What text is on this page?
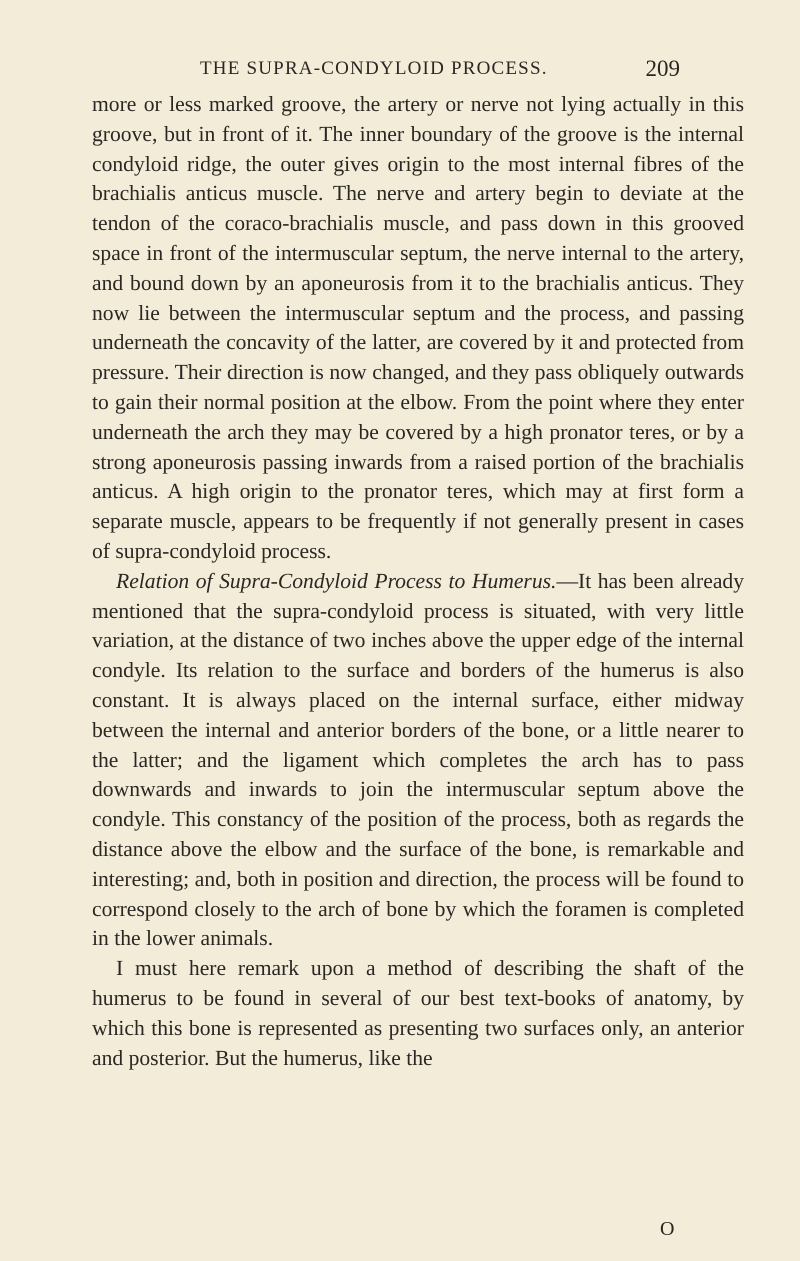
THE SUPRA-CONDYLOID PROCESS.	209

more or less marked groove, the artery or nerve not lying actually in this groove, but in front of it. The inner boundary of the groove is the internal condyloid ridge, the outer gives origin to the most internal fibres of the brachialis anticus muscle. The nerve and artery begin to deviate at the tendon of the coraco-brachialis muscle, and pass down in this grooved space in front of the intermuscular septum, the nerve internal to the artery, and bound down by an aponeurosis from it to the brachialis anticus. They now lie between the intermuscular septum and the process, and passing underneath the concavity of the latter, are covered by it and protected from pressure. Their direction is now changed, and they pass obliquely outwards to gain their normal position at the elbow. From the point where they enter underneath the arch they may be covered by a high pronator teres, or by a strong aponeurosis passing inwards from a raised portion of the brachialis anticus. A high origin to the pronator teres, which may at first form a separate muscle, appears to be frequently if not generally present in cases of supra-condyloid process.

Relation of Supra-Condyloid Process to Humerus.—It has been already mentioned that the supra-condyloid process is situated, with very little variation, at the distance of two inches above the upper edge of the internal condyle. Its relation to the surface and borders of the humerus is also constant. It is always placed on the internal surface, either midway between the internal and anterior borders of the bone, or a little nearer to the latter; and the ligament which completes the arch has to pass downwards and inwards to join the intermuscular septum above the condyle. This constancy of the position of the process, both as regards the distance above the elbow and the surface of the bone, is remarkable and interesting; and, both in position and direction, the process will be found to correspond closely to the arch of bone by which the foramen is completed in the lower animals.

I must here remark upon a method of describing the shaft of the humerus to be found in several of our best text-books of anatomy, by which this bone is represented as presenting two surfaces only, an anterior and posterior. But the humerus, like the

O
